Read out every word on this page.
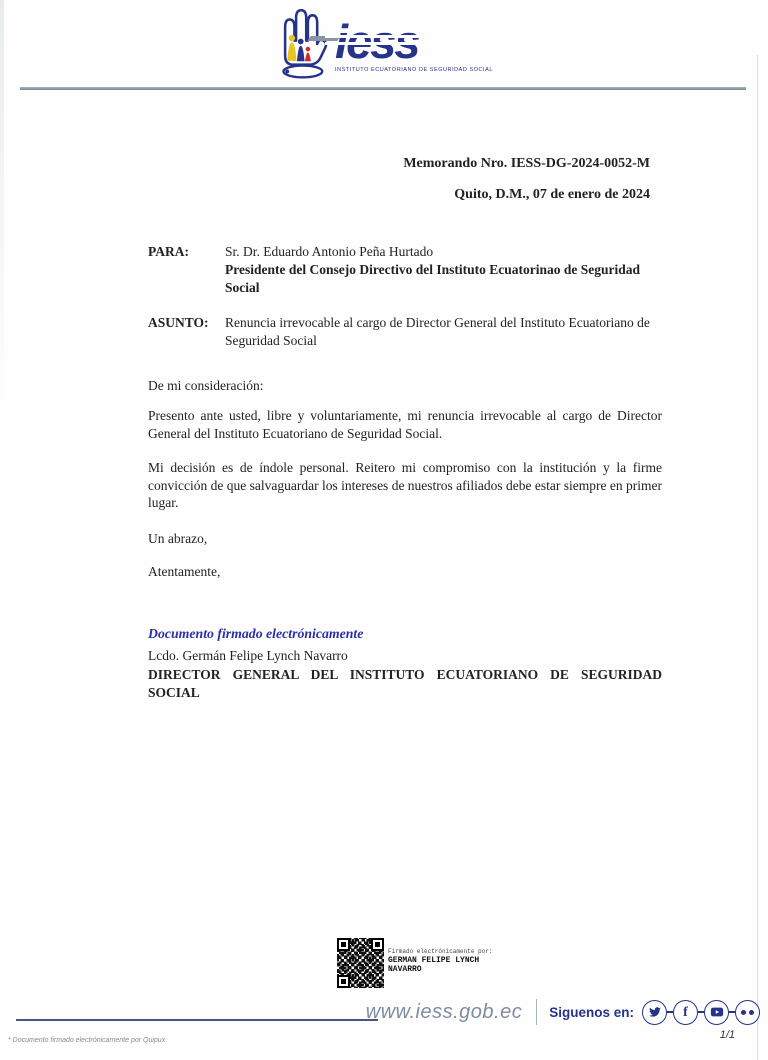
INSTITUTO ECUATORIANO DE SEGURIDAD SOCIAL
Memorando Nro. IESS-DG-2024-0052-M
Quito, D.M., 07 de enero de 2024
PARA:	Sr. Dr. Eduardo Antonio Peña Hurtado
Presidente del Consejo Directivo del Instituto Ecuatorinao de Seguridad Social
ASUNTO:	Renuncia irrevocable al cargo de Director General del Instituto Ecuatoriano de Seguridad Social

De mi consideración:

Presento ante usted, libre y voluntariamente, mi renuncia irrevocable al cargo de Director General del Instituto Ecuatoriano de Seguridad Social.

Mi decisión es de índole personal. Reitero mi compromiso con la institución y la firme convicción de que salvaguardar los intereses de nuestros afiliados debe estar siempre en primer lugar.

Un abrazo,

Atentamente,

Documento firmado electrónicamente
Lcdo. Germán Felipe Lynch Navarro
DIRECTOR GENERAL DEL INSTITUTO ECUATORIANO DE SEGURIDAD
SOCIAL
Firmado electrónicamente por:
GERMAN FELIPE LYNCH
NAVARRO
www.iess.gob.ec Siguenos en:	f
1/1
* Documento firmado electrónicamente por Quipux
